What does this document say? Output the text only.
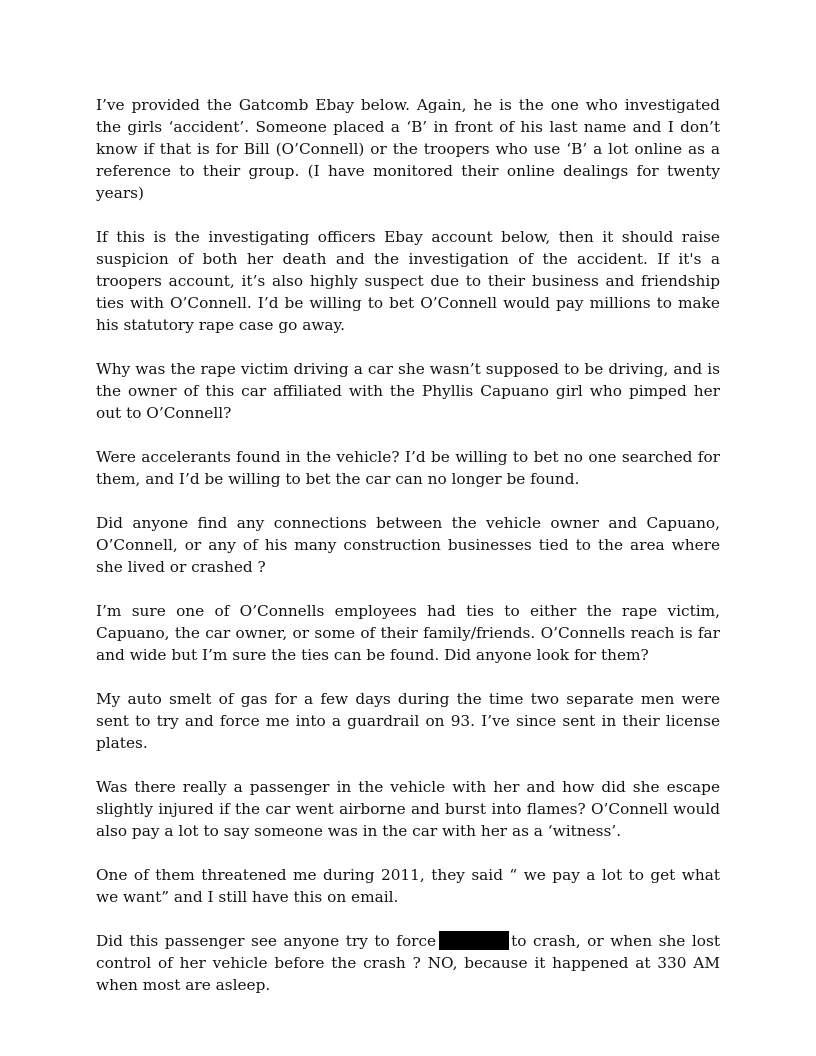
I’ve provided the Gatcomb Ebay below. Again, he is the one who investigated the girls ‘accident’. Someone placed a ‘B’ in front of his last name and I don’t know if that is for Bill (O’Connell) or the troopers who use ‘B’ a lot online as a reference to their group. (I have monitored their online dealings for twenty years)

If this is the investigating officers Ebay account below, then it should raise suspicion of both her death and the investigation of the accident. If it's a troopers account, it’s also highly suspect due to their business and friendship ties with O’Connell. I’d be willing to bet O’Connell would pay millions to make his statutory rape case go away.

Why was the rape victim driving a car she wasn’t supposed to be driving, and is the owner of this car affiliated with the Phyllis Capuano girl who pimped her out to O’Connell?

Were accelerants found in the vehicle? I’d be willing to bet no one searched for them, and I’d be willing to bet the car can no longer be found.

Did anyone find any connections between the vehicle owner and Capuano, O’Connell, or any of his many construction businesses tied to the area where she lived or crashed ?

I’m sure one of O’Connells employees had ties to either the rape victim, Capuano, the car owner, or some of their family/friends. O’Connells reach is far and wide but I’m sure the ties can be found. Did anyone look for them?

My auto smelt of gas for a few days during the time two separate men were sent to try and force me into a guardrail on 93. I’ve since sent in their license plates.

Was there really a passenger in the vehicle with her and how did she escape slightly injured if the car went airborne and burst into flames? O’Connell would also pay a lot to say someone was in the car with her as a ‘witness’.

One of them threatened me during 2011, they said “ we pay a lot to get what we want” and I still have this on email.

Did this passenger see anyone try to force	to crash, or when she lost control of her vehicle before the crash ? NO, because it happened at 330 AM when most are asleep.
